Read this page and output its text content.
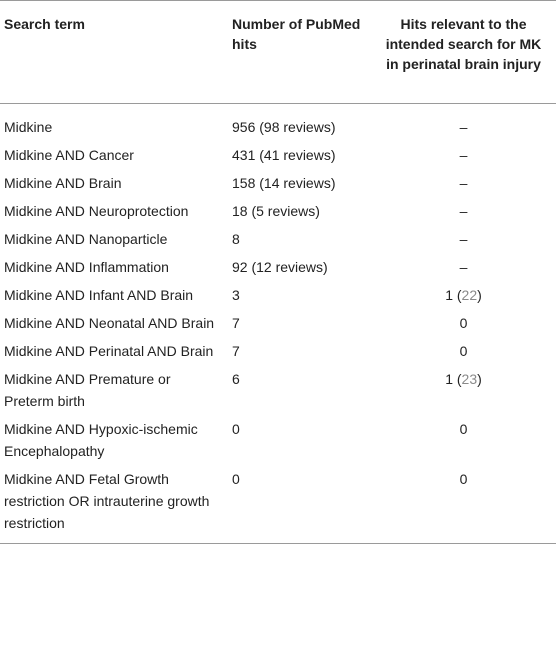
Search term	Number of PubMed hits	Hits relevant to the intended search for MK in perinatal brain injury
Midkine	956 (98 reviews)	–
Midkine AND Cancer	431 (41 reviews)	–
Midkine AND Brain	158 (14 reviews)	–
Midkine AND Neuroprotection	18 (5 reviews)	–
Midkine AND Nanoparticle	8	–
Midkine AND Inflammation	92 (12 reviews)	–
Midkine AND Infant AND Brain	3	1 (22)
Midkine AND Neonatal AND Brain	7	0
Midkine AND Perinatal AND Brain	7	0
Midkine AND Premature or Preterm birth	6	1 (23)
Midkine AND Hypoxic-ischemic Encephalopathy	0	0
Midkine AND Fetal Growth restriction OR intrauterine growth restriction	0	0
